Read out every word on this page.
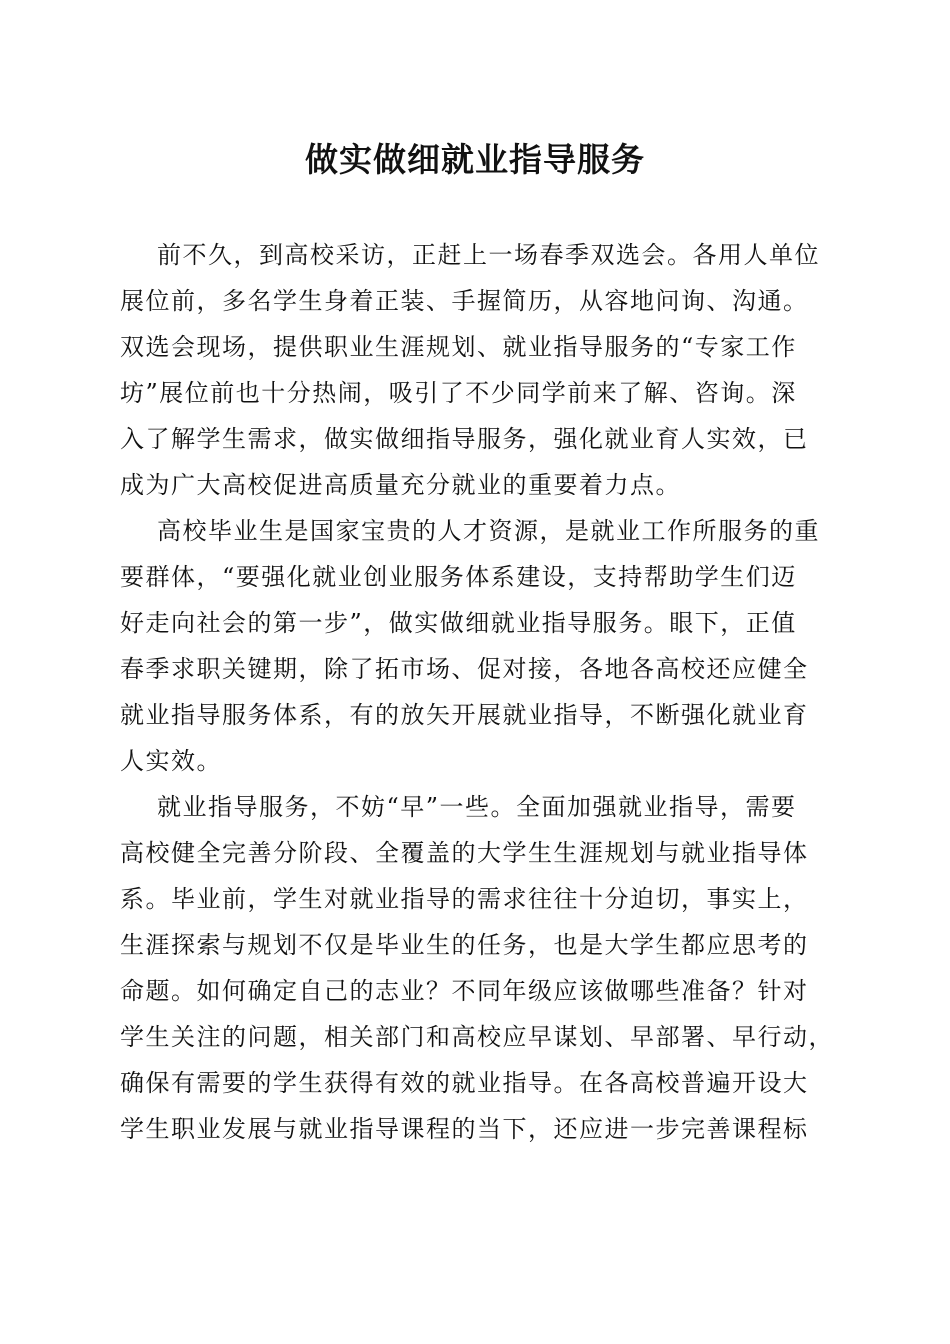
做实做细就业指导服务
前不久，到高校采访，正赶上一场春季双选会。各用人单位
展位前，多名学生身着正装、手握简历，从容地问询、沟通。
双选会现场，提供职业生涯规划、就业指导服务的“专家工作
坊”展位前也十分热闹，吸引了不少同学前来了解、咨询。深
入了解学生需求，做实做细指导服务，强化就业育人实效，已
成为广大高校促进高质量充分就业的重要着力点。
高校毕业生是国家宝贵的人才资源，是就业工作所服务的重
要群体，“要强化就业创业服务体系建设，支持帮助学生们迈
好走向社会的第一步”，做实做细就业指导服务。眼下，正值
春季求职关键期，除了拓市场、促对接，各地各高校还应健全
就业指导服务体系，有的放矢开展就业指导，不断强化就业育
人实效。
就业指导服务，不妨“早”一些。全面加强就业指导，需要
高校健全完善分阶段、全覆盖的大学生生涯规划与就业指导体
系。毕业前，学生对就业指导的需求往往十分迫切，事实上，
生涯探索与规划不仅是毕业生的任务，也是大学生都应思考的
命题。如何确定自己的志业？不同年级应该做哪些准备？针对
学生关注的问题，相关部门和高校应早谋划、早部署、早行动，
确保有需要的学生获得有效的就业指导。在各高校普遍开设大
学生职业发展与就业指导课程的当下，还应进一步完善课程标
